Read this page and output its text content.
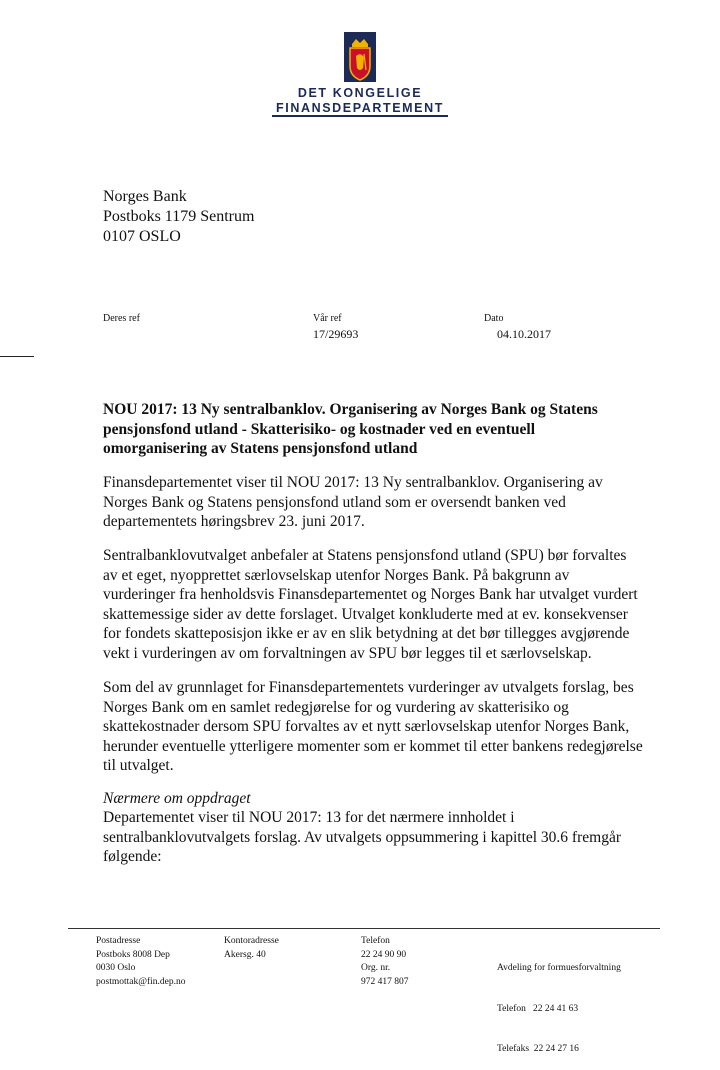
DET KONGELIGE
FINANSDEPARTEMENT
Norges Bank
Postboks 1179 Sentrum
0107 OSLO
Deres ref	Vår ref
17/29693
Dato
04.10.2017
NOU 2017: 13 Ny sentralbanklov. Organisering av Norges Bank og Statens pensjonsfond utland - Skatterisiko- og kostnader ved en eventuell omorganisering av Statens pensjonsfond utland

Finansdepartementet viser til NOU 2017: 13 Ny sentralbanklov. Organisering av Norges Bank og Statens pensjonsfond utland som er oversendt banken ved departementets høringsbrev 23. juni 2017.

Sentralbanklovutvalget anbefaler at Statens pensjonsfond utland (SPU) bør forvaltes av et eget, nyopprettet særlovselskap utenfor Norges Bank. På bakgrunn av vurderinger fra henholdsvis Finansdepartementet og Norges Bank har utvalget vurdert skattemessige sider av dette forslaget. Utvalget konkluderte med at ev. konsekvenser for fondets skatteposisjon ikke er av en slik betydning at det bør tillegges avgjørende vekt i vurderingen av om forvaltningen av SPU bør legges til et særlovselskap.

Som del av grunnlaget for Finansdepartementets vurderinger av utvalgets forslag, bes Norges Bank om en samlet redegjørelse for og vurdering av skatterisiko og skattekostnader dersom SPU forvaltes av et nytt særlovselskap utenfor Norges Bank, herunder eventuelle ytterligere momenter som er kommet til etter bankens redegjørelse til utvalget.

Nærmere om oppdraget

Departementet viser til NOU 2017: 13 for det nærmere innholdet i sentralbanklovutvalgets forslag. Av utvalgets oppsummering i kapittel 30.6 fremgår følgende:

Postadresse
Postboks 8008 Dep
0030 Oslo
postmottak@fin.dep.no
Kontoradresse
Akersg. 40
Telefon
22 24 90 90
Org. nr.
972 417 807

Avdeling for formuesforvaltning

Telefon   22 24 41 63

Telefaks  22 24 27 16
